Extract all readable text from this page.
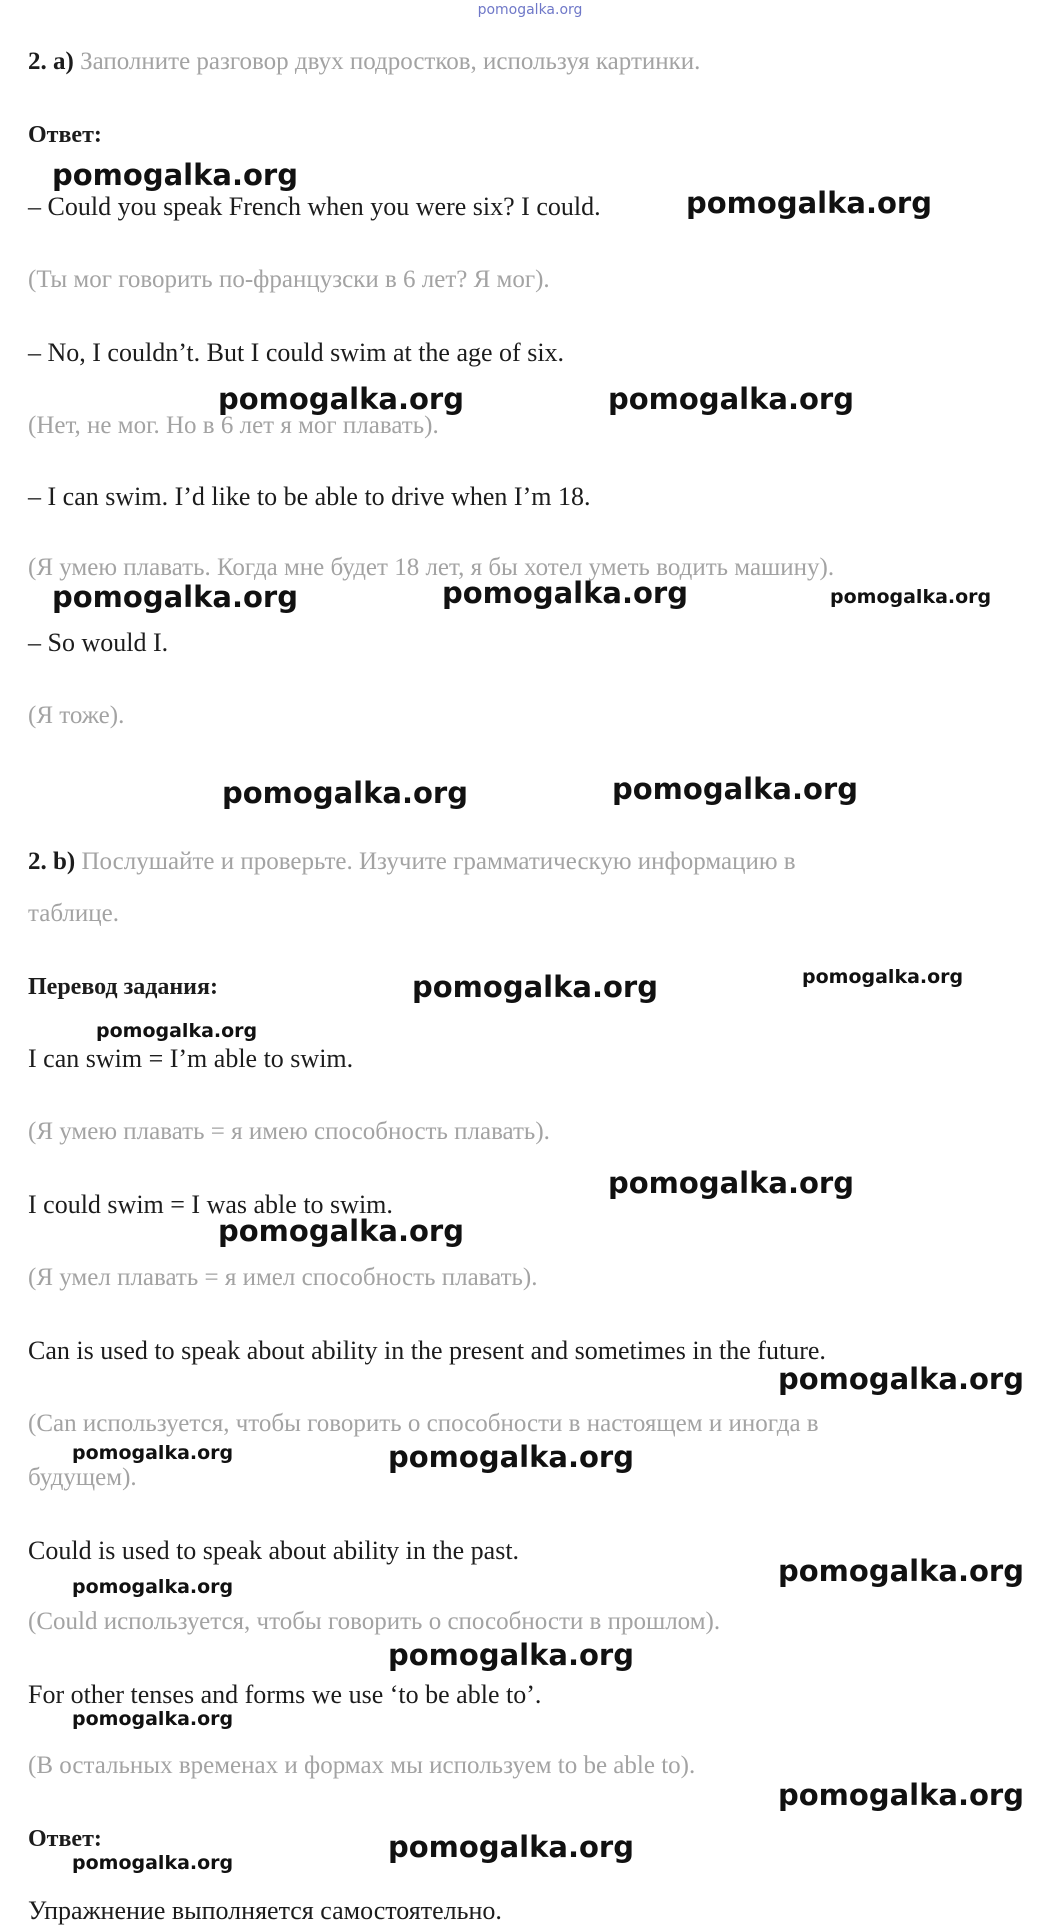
pomogalka.org
2. а) Заполните разговор двух подростков, используя картинки.
Ответ:
– Could you speak French when you were six? I could.
(Ты мог говорить по-французски в 6 лет? Я мог).
– No, I couldn’t. But I could swim at the age of six.
(Нет, не мог. Но в 6 лет я мог плавать).
– I can swim. I’d like to be able to drive when I’m 18.
(Я умею плавать. Когда мне будет 18 лет, я бы хотел уметь водить машину).
– So would I.
(Я тоже).
2. b) Послушайте и проверьте. Изучите грамматическую информацию в
таблице.
Перевод задания:
I can swim = I’m able to swim.
(Я умею плавать = я имею способность плавать).
I could swim = I was able to swim.
(Я умел плавать = я имел способность плавать).
Can is used to speak about ability in the present and sometimes in the future.
(Can используется, чтобы говорить о способности в настоящем и иногда в
будущем).
Could is used to speak about ability in the past.
(Could используется, чтобы говорить о способности в прошлом).
For other tenses and forms we use ‘to be able to’.
(В остальных временах и формах мы используем to be able to).
Ответ:
Упражнение выполняется самостоятельно.
pomogalka.org
pomogalka.org
pomogalka.org	pomogalka.org
pomogalka.org	pomogalka.org	pomogalka.org
pomogalka.org	pomogalka.org
pomogalka.org	pomogalka.org
pomogalka.org
pomogalka.org
pomogalka.org
pomogalka.org
pomogalka.org	pomogalka.org
pomogalka.org
pomogalka.org
pomogalka.org
pomogalka.org
pomogalka.org
pomogalka.org
pomogalka.org
